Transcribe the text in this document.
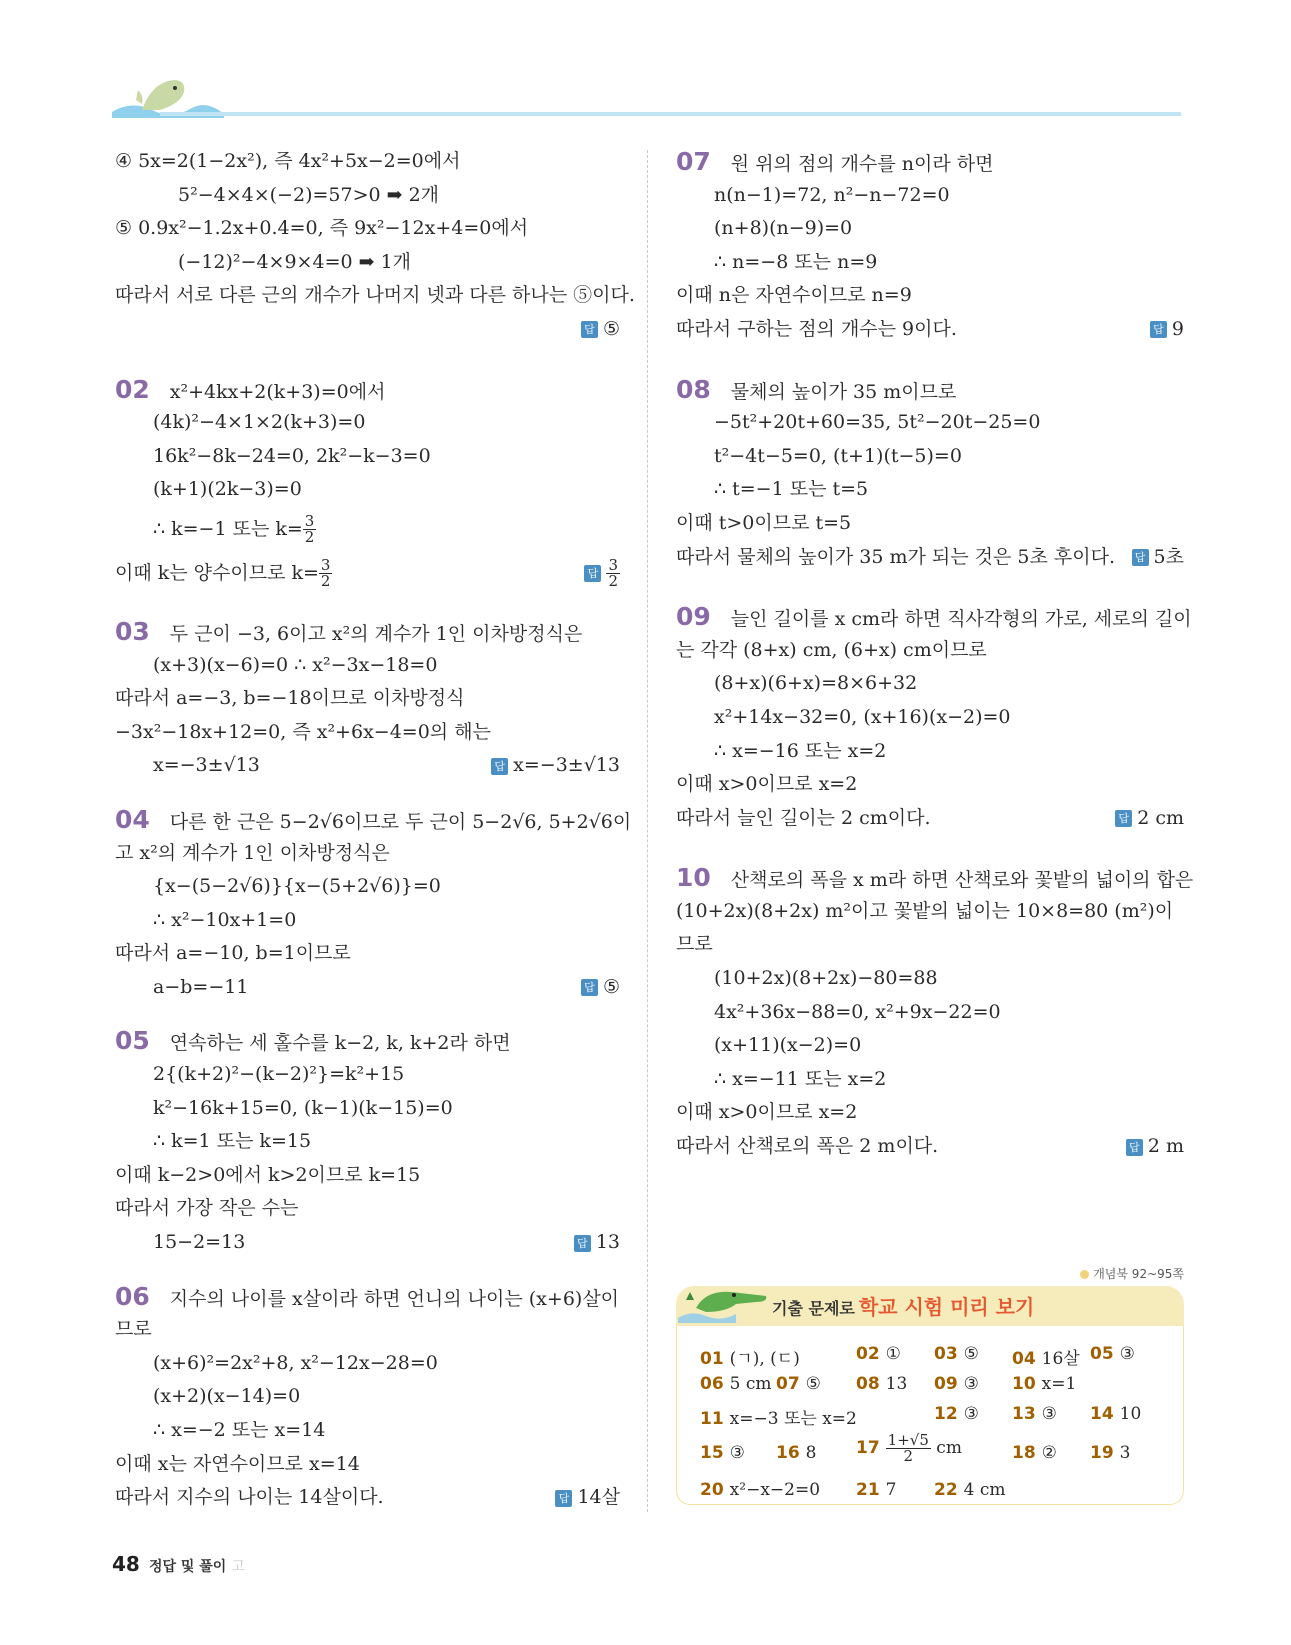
④ 5x=2(1−2x²), 즉 4x²+5x−2=0에서
5²−4×4×(−2)=57>0 ➡ 2개
⑤ 0.9x²−1.2x+0.4=0, 즉 9x²−12x+4=0에서
(−12)²−4×9×4=0 ➡ 1개
따라서 서로 다른 근의 개수가 나머지 넷과 다른 하나는 ⑤이다.
답 ⑤
02 x²+4kx+2(k+3)=0에서
(4k)²−4×1×2(k+3)=0
16k²−8k−24=0, 2k²−k−3=0
(k+1)(2k−3)=0
∴ k=−1 또는 $k= \frac{3}{2}$
이때 k는 양수이므로 $k= \frac{3}{2}$	답 $\frac{3}{2}$
03 두 근이 −3, 6이고 x²의 계수가 1인 이차방정식은
(x+3)(x−6)=0 ∴ x²−3x−18=0
따라서 a=−3, b=−18이므로 이차방정식
−3x²−18x+12=0, 즉 x²+6x−4=0의 해는
x=−3±√13	답 x=−3±√13
04 다른 한 근은 5−2√6이므로 두 근이 5−2√6, 5+2√6이
고 x²의 계수가 1인 이차방정식은
{x−(5−2√6)}{x−(5+2√6)}=0
∴ x²−10x+1=0
따라서 a=−10, b=1이므로
a−b=−11	답 ⑤
05 연속하는 세 홀수를 k−2, k, k+2라 하면
2{(k+2)²−(k−2)²}=k²+15
k²−16k+15=0, (k−1)(k−15)=0
∴ k=1 또는 k=15
이때 k−2>0에서 k>2이므로 k=15
따라서 가장 작은 수는
15−2=13	답 13
06 지수의 나이를 x살이라 하면 언니의 나이는 (x+6)살이
므로
(x+6)²=2x²+8, x²−12x−28=0
(x+2)(x−14)=0
∴ x=−2 또는 x=14
이때 x는 자연수이므로 x=14
따라서 지수의 나이는 14살이다.	답 14살
07 원 위의 점의 개수를 n이라 하면
n(n−1)=72, n²−n−72=0
(n+8)(n−9)=0
∴ n=−8 또는 n=9
이때 n은 자연수이므로 n=9
따라서 구하는 점의 개수는 9이다.	답 9
08 물체의 높이가 35 m이므로
−5t²+20t+60=35, 5t²−20t−25=0
t²−4t−5=0, (t+1)(t−5)=0
∴ t=−1 또는 t=5
이때 t>0이므로 t=5
따라서 물체의 높이가 35 m가 되는 것은 5초 후이다. 답 5초
09 늘인 길이를 x cm라 하면 직사각형의 가로, 세로의 길이
는 각각 (8+x) cm, (6+x) cm이므로
(8+x)(6+x)=8×6+32
x²+14x−32=0, (x+16)(x−2)=0
∴ x=−16 또는 x=2
이때 x>0이므로 x=2
따라서 늘인 길이는 2 cm이다.	답 2 cm
10 산책로의 폭을 x m라 하면 산책로와 꽃밭의 넓이의 합은
(10+2x)(8+2x) m²이고 꽃밭의 넓이는 10×8=80 (m²)이
므로
(10+2x)(8+2x)−80=88
4x²+36x−88=0, x²+9x−22=0
(x+11)(x−2)=0
∴ x=−11 또는 x=2
이때 x>0이므로 x=2
따라서 산책로의 폭은 2 m이다.	답 2 m
개념북 92~95쪽
기출 문제로 학교 시험 미리 보기
01 (ㄱ), (ㄷ)	02 ① 03 ⑤ 04 16살 05 ③
06 5 cm 07 ⑤ 08 13 09 ③ 10 x=1
11 x=−3 또는 x=2	12 ③ 13 ③ 14 10
15 ③ 16 8 $17 \frac{1+√5}{2}$ cm	18 ② 19 3
20 x²−x−2=0 21 7 22 4 cm
48 정답 및 풀이 고
